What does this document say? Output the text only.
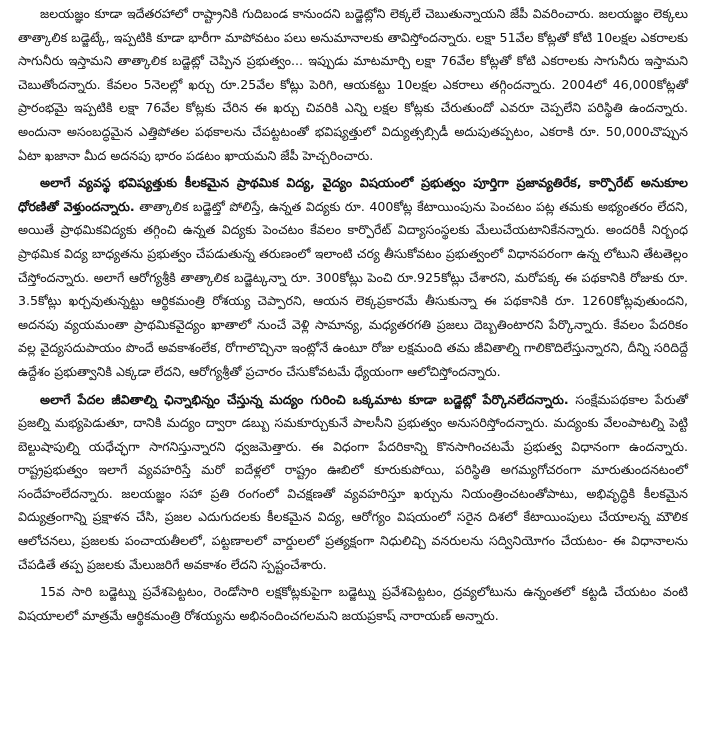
జలయజ్ఞం కూడా ఇదేతరహాలో రాష్ట్రానికి గుదిబండ కానుందని బడ్జెట్లోని లెక్కలే చెబుతున్నాయని జేపీ వివరించారు. జలయజ్ఞం లెక్కలు తాత్కాలిక బడ్జెట్కే, ఇప్పటికి కూడా భారీగా మాపోవటం పలు అనుమానాలకు తావిస్తోందన్నారు. లక్షా 51వేల కోట్లతో కోటి 10లక్షల ఎకరాలకు సాగునీరు ఇస్తామని తాత్కాలిక బడ్జెట్లో చెప్పిన ప్రభుత్వం... ఇప్పుడు మాటమార్చి లక్షా 76వేల కోట్లతో కోటి ఎకరాలకు సాగునీరు ఇస్తామని చెబుతోందన్నారు. కేవలం 5నెలల్లో ఖర్చు రూ.25వేల కోట్లు పెరిగి, ఆయకట్టు 10లక్షల ఎకరాలు తగ్గిందన్నారు. 2004లో 46,000కోట్లతో ప్రారంభమై ఇప్పటికి లక్షా 76వేల కోట్లకు చేరిన ఈ ఖర్చు చివరికి ఎన్ని లక్షల కోట్లకు చేరుతుందో ఎవరూ చెప్పలేని పరిస్థితి ఉందన్నారు. అందునా అసంబద్ధమైన ఎత్తిపోతల పథకాలను చేపట్టటంతో భవిష్యత్తులో విద్యుత్సబ్సిడీ అదుపుతప్పటం, ఎకరాకి రూ. 50,000చొప్పున ఏటా ఖజానా మీద అదనపు భారం పడటం ఖాయమని జేపీ హెచ్చరించారు.

అలాగే వ్యవస్థ భవిష్యత్తుకు కీలకమైన ప్రాథమిక విద్య, వైద్యం విషయంలో ప్రభుత్వం పూర్తిగా ప్రజావ్యతిరేక, కార్పొరేట్ అనుకూల ధోరణితో వెళ్తుందన్నారు. తాత్కాలిక బడ్జెట్తో పోలిస్తే, ఉన్నత విద్యకు రూ. 400కోట్ల కేటాయింపును పెంచటం పట్ల తమకు అభ్యంతరం లేదని, అయితే ప్రాథమికవిద్యకు తగ్గించి ఉన్నత విద్యకు పెంచటం కేవలం కార్పొరేట్ విద్యాసంస్థలకు మేలుచేయటానికేనన్నారు. అందరికీ నిర్బంధ ప్రాథమిక విద్య బాధ్యతను ప్రభుత్వం చేపడుతున్న తరుణంలో ఇలాంటి చర్య తీసుకోవటం ప్రభుత్వంలో విధానపరంగా ఉన్న లోటుని తేటతెల్లం చేస్తోందన్నారు. అలాగే ఆరోగ్యశ్రీకి తాత్కాలిక బడ్జెట్కన్నా రూ. 300కోట్లు పెంచి రూ.925కోట్లు చేశారని, మరోపక్క ఈ పథకానికి రోజుకు రూ. 3.5కోట్లు ఖర్చవుతున్నట్టు ఆర్థికమంత్రి రోశయ్య చెప్పారని, ఆయన లెక్కప్రకారమే తీసుకున్నా ఈ పథకానికి రూ. 1260కోట్లవుతుందని, అదనపు వ్యయమంతా ప్రాథమికవైద్యం ఖాతాలో నుంచే వెళ్లి సామాన్య, మధ్యతరగతి ప్రజలు దెబ్బతింటారని పేర్కొన్నారు. కేవలం పేదరికం వల్ల వైద్యసదుపాయం పొందే అవకాశంలేక, రోగాలొచ్చినా ఇంట్లోనే ఉంటూ రోజు లక్షమంది తమ జీవితాల్ని గాలికొదిలేస్తున్నారని, దీన్ని సరిదిద్దే ఉద్దేశం ప్రభుత్వానికి ఎక్కడా లేదని, ఆరోగ్యశ్రీతో ప్రచారం చేసుకోవటమే ధ్యేయంగా ఆలోచిస్తోందన్నారు.

అలాగే పేదల జీవితాల్ని ఛిన్నాభిన్నం చేస్తున్న మద్యం గురించి ఒక్కమాట కూడా బడ్జెట్లో పేర్కొనలేదన్నారు. సంక్షేమపథకాల పేరుతో ప్రజల్ని మభ్యపెడుతూ, దానికి మద్యం ద్వారా డబ్బు సమకూర్చుకునే పాలసీని ప్రభుత్వం అనుసరిస్తోందన్నారు. మద్యంకు వేలంపాటల్ని పెట్టి బెల్టుషాపుల్ని యధేచ్ఛగా సాగనిస్తున్నారని ధ్వజమెత్తారు. ఈ విధంగా పేదరికాన్ని కొనసాగించటమే ప్రభుత్వ విధానంగా ఉందన్నారు. రాష్ట్రప్రభుత్వం ఇలాగే వ్యవహరిస్తే మరో ఐదేళ్లలో రాష్ట్రం ఊబిలో కూరుకుపోయి, పరిస్థితి అగమ్యగోచరంగా మారుతుందనటంలో సందేహంలేదన్నారు. జలయజ్ఞం సహా ప్రతి రంగంలో విచక్షణతో వ్యవహరిస్తూ ఖర్చును నియంత్రించటంతోపాటు, అభివృద్ధికి కీలకమైన విద్యుత్రంగాన్ని ప్రక్షాళన చేసి, ప్రజల ఎదుగుదలకు కీలకమైన విద్య, ఆరోగ్యం విషయంలో సరైన దిశలో కేటాయింపులు చేయాలన్న మౌలిక ఆలోచనలు, ప్రజలకు పంచాయతీలలో, పట్టణాలలో వార్డులలో ప్రత్యక్షంగా నిధులిచ్చి వనరులను సద్వినియోగం చేయటం- ఈ విధానాలను చేపడితే తప్ప ప్రజలకు మేలుజరిగే అవకాశం లేదని స్పష్టంచేశారు.

15వ సారి బడ్జెట్ను ప్రవేశపెట్టటం, రెండోసారి లక్షకోట్లకుపైగా బడ్జెట్ను ప్రవేశపెట్టటం, ద్రవ్యలోటును ఉన్నంతలో కట్టడి చేయటం వంటి విషయాలలో మాత్రమే ఆర్థికమంత్రి రోశయ్యను అభినందించగలమని జయప్రకాష్ నారాయణ్ అన్నారు.
